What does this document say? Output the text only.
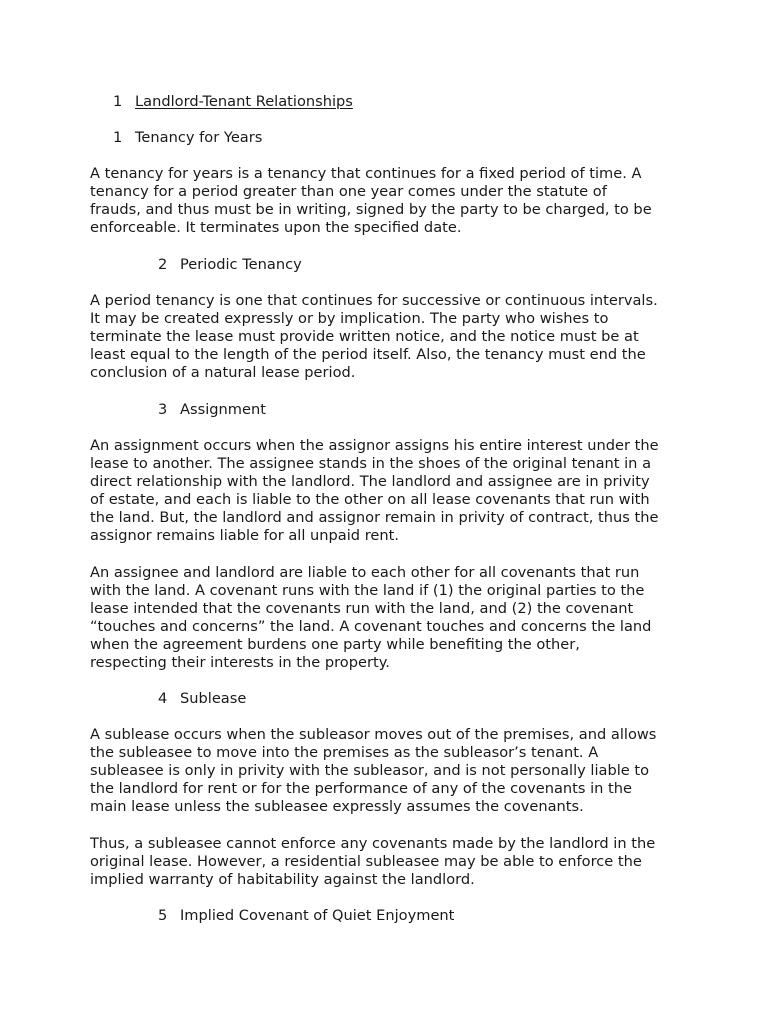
1 Landlord-Tenant Relationships
1 Tenancy for Years

A tenancy for years is a tenancy that continues for a fixed period of time. A
tenancy for a period greater than one year comes under the statute of
frauds, and thus must be in writing, signed by the party to be charged, to be
enforceable. It terminates upon the specified date.

2 Periodic Tenancy

A period tenancy is one that continues for successive or continuous intervals.
It may be created expressly or by implication. The party who wishes to
terminate the lease must provide written notice, and the notice must be at
least equal to the length of the period itself. Also, the tenancy must end the
conclusion of a natural lease period.

3 Assignment

An assignment occurs when the assignor assigns his entire interest under the
lease to another. The assignee stands in the shoes of the original tenant in a
direct relationship with the landlord. The landlord and assignee are in privity
of estate, and each is liable to the other on all lease covenants that run with
the land. But, the landlord and assignor remain in privity of contract, thus the
assignor remains liable for all unpaid rent.

An assignee and landlord are liable to each other for all covenants that run
with the land. A covenant runs with the land if (1) the original parties to the
lease intended that the covenants run with the land, and (2) the covenant
“touches and concerns” the land. A covenant touches and concerns the land
when the agreement burdens one party while benefiting the other,
respecting their interests in the property.

4 Sublease

A sublease occurs when the subleasor moves out of the premises, and allows
the subleasee to move into the premises as the subleasor’s tenant. A
subleasee is only in privity with the subleasor, and is not personally liable to
the landlord for rent or for the performance of any of the covenants in the
main lease unless the subleasee expressly assumes the covenants.

Thus, a subleasee cannot enforce any covenants made by the landlord in the
original lease. However, a residential subleasee may be able to enforce the
implied warranty of habitability against the landlord.

5 Implied Covenant of Quiet Enjoyment
